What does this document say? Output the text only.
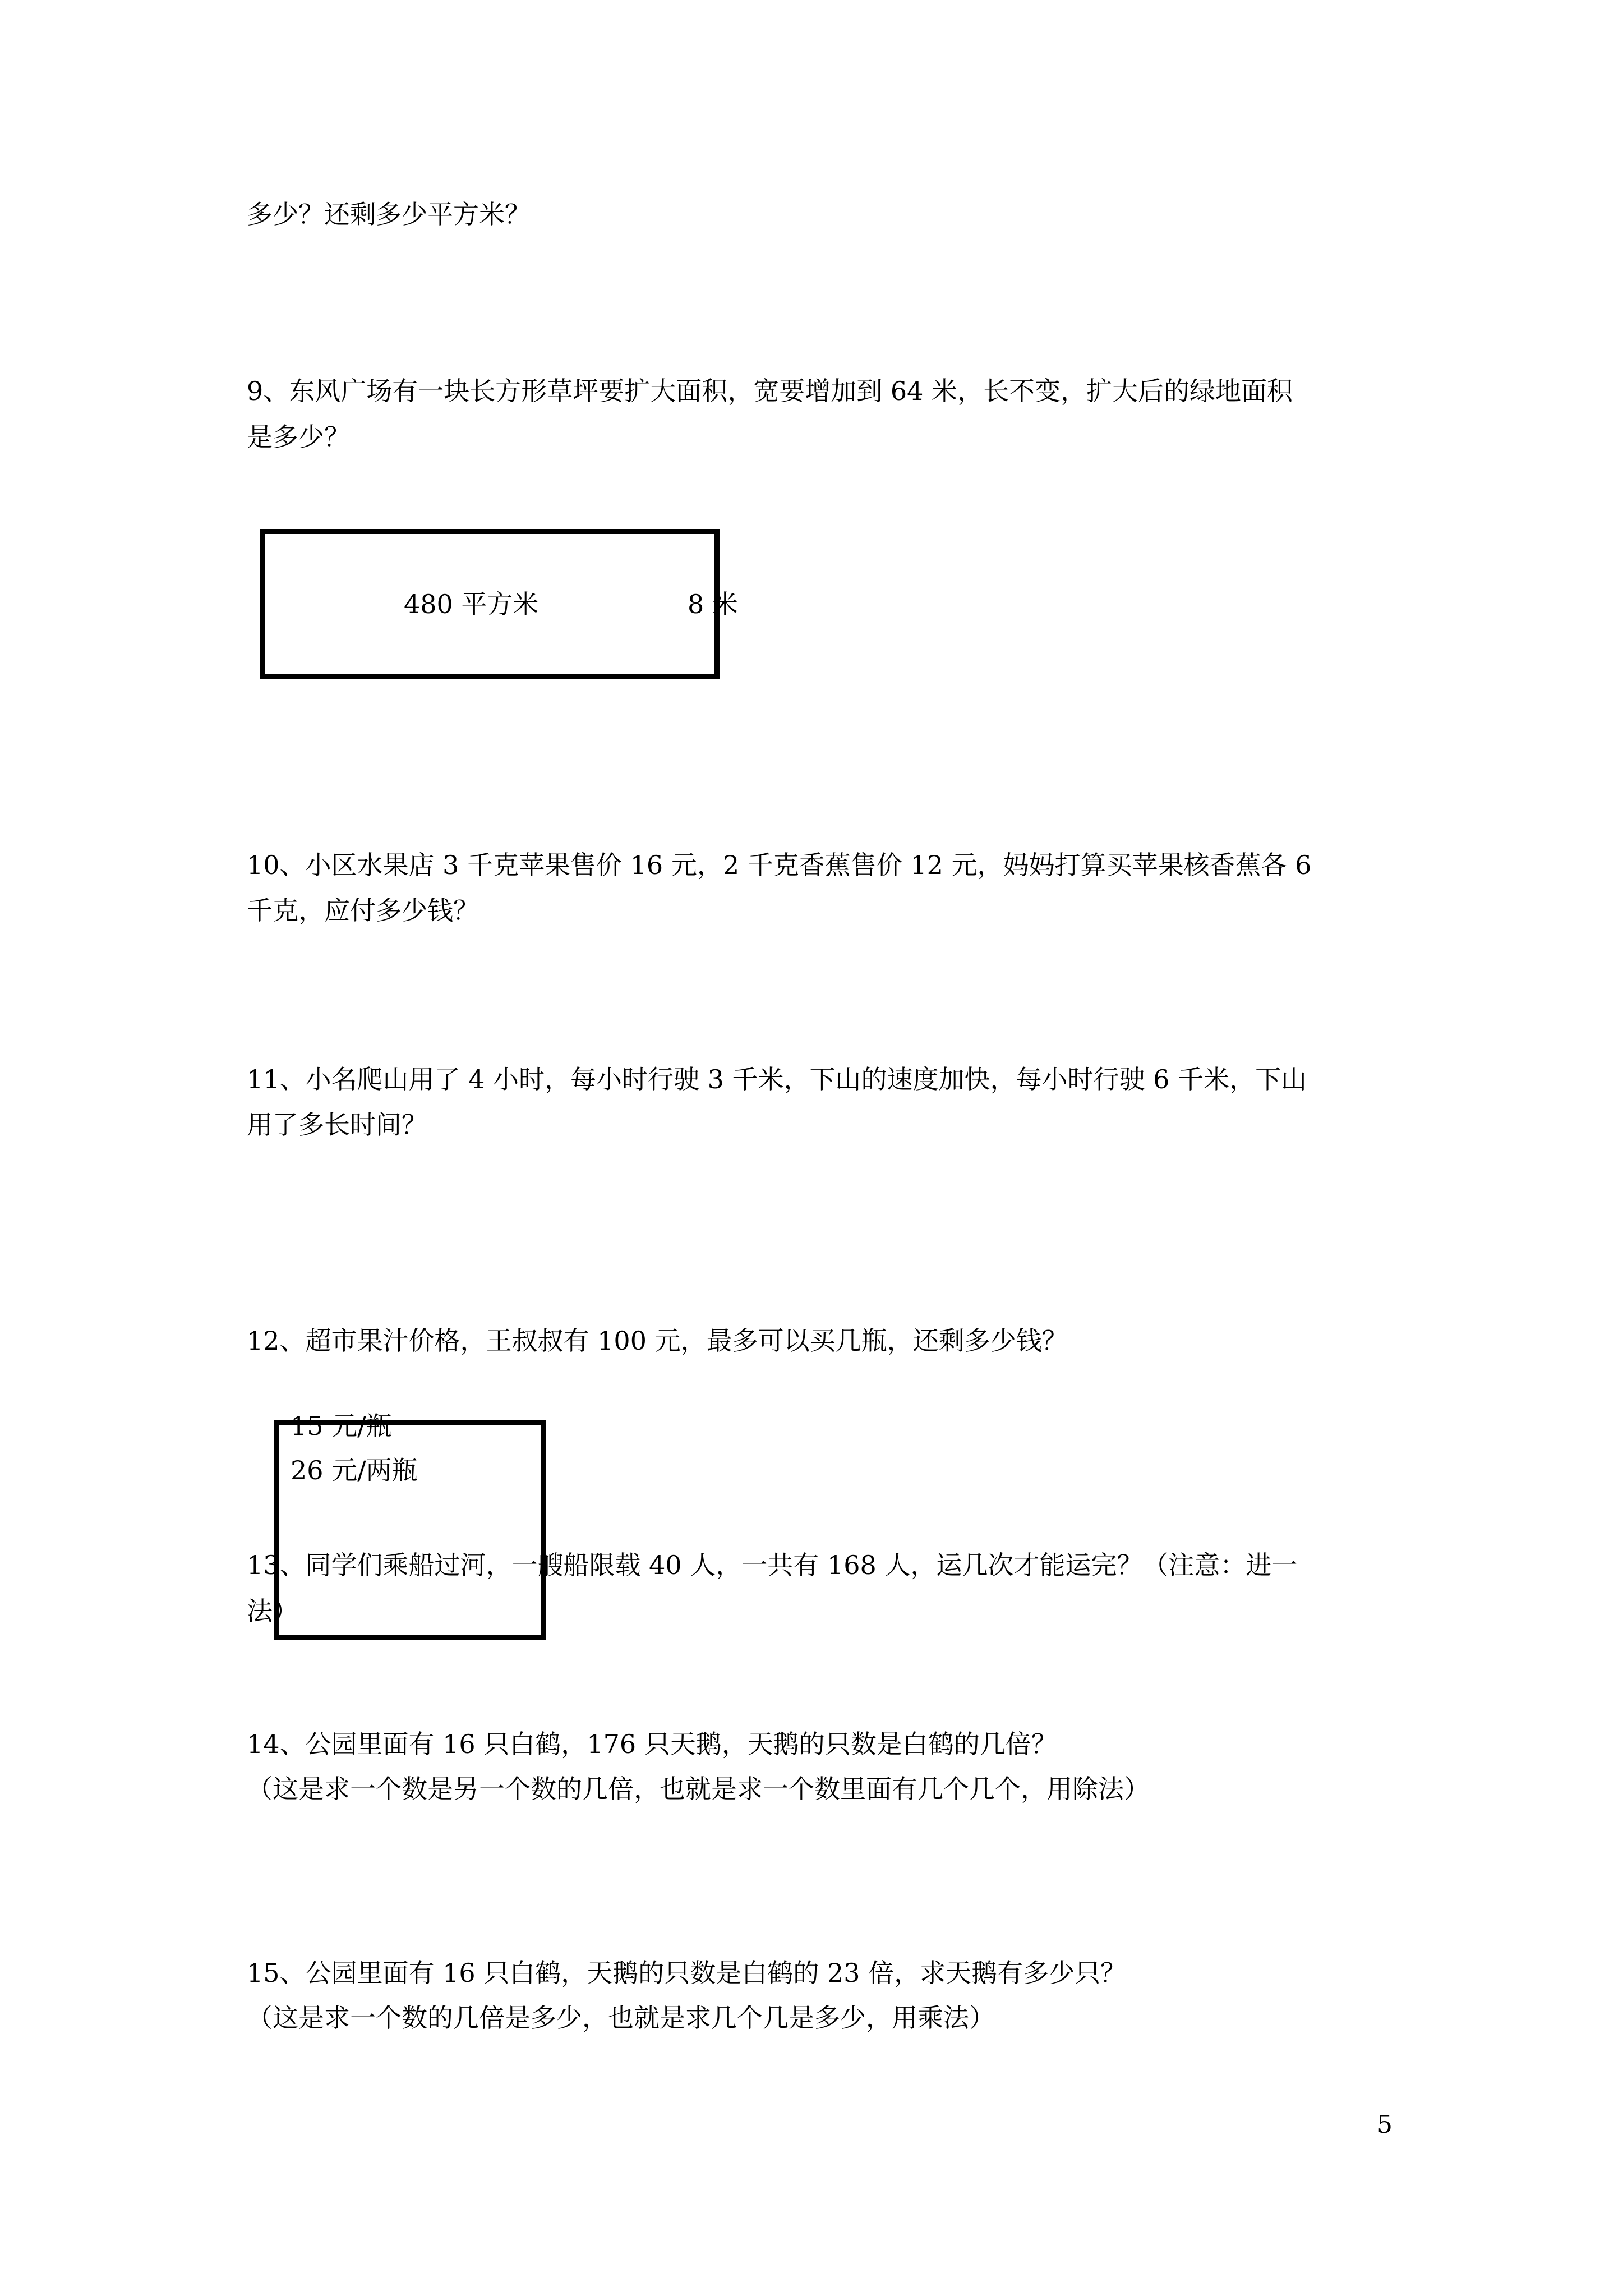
多少？还剩多少平方米？
9、东风广场有一块长方形草坪要扩大面积，宽要增加到 64 米，长不变，扩大后的绿地面积
是多少？
480 平方米	8 米
10、小区水果店 3 千克苹果售价 16 元，2 千克香蕉售价 12 元，妈妈打算买苹果核香蕉各 6
千克，应付多少钱？
11、小名爬山用了 4 小时，每小时行驶 3 千米，下山的速度加快，每小时行驶 6 千米，下山
用了多长时间？
12、超市果汁价格，王叔叔有 100 元，最多可以买几瓶，还剩多少钱？
15 元/瓶
26 元/两瓶
13、同学们乘船过河，一艘船限载 40 人，一共有 168 人，运几次才能运完？（注意：进一
法）
14、公园里面有 16 只白鹤，176 只天鹅，天鹅的只数是白鹤的几倍？
（这是求一个数是另一个数的几倍，也就是求一个数里面有几个几个，用除法）
15、公园里面有 16 只白鹤，天鹅的只数是白鹤的 23 倍，求天鹅有多少只？
（这是求一个数的几倍是多少，也就是求几个几是多少，用乘法）
5
